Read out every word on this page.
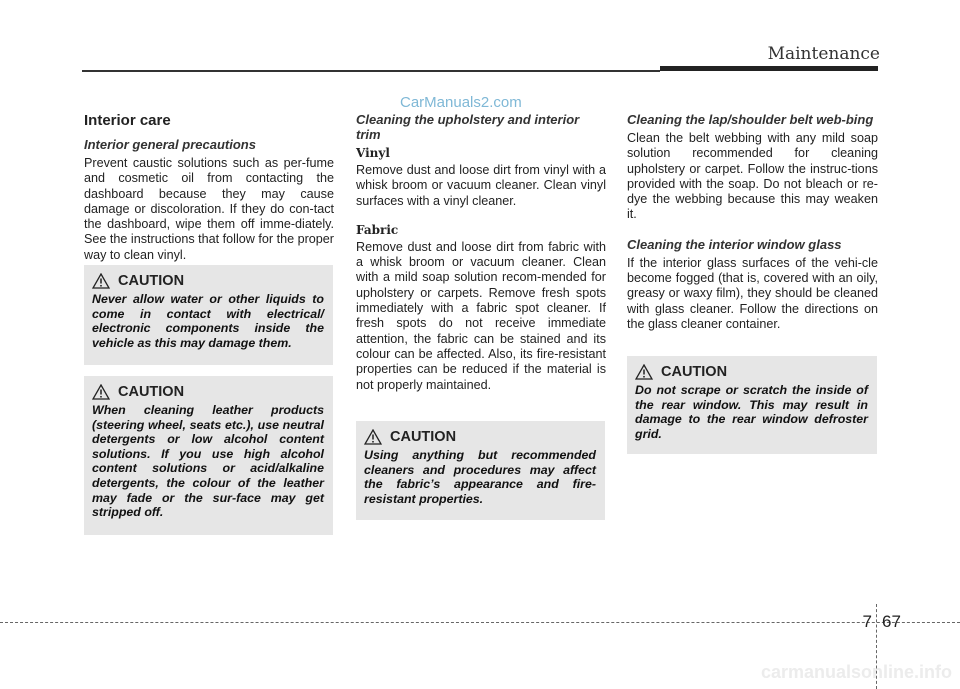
Maintenance
CarManuals2.com
Interior care
Interior general precautions

Prevent caustic solutions such as per-fume and cosmetic oil from contacting the dashboard because they may cause damage or discoloration. If they do con-tact the dashboard, wipe them off imme-diately. See the instructions that follow for the proper way to clean vinyl.

CAUTION
Never allow water or other liquids to come in contact with electrical/ electronic components inside the vehicle as this may damage them.
CAUTION
When cleaning leather products (steering wheel, seats etc.), use neutral detergents or low alcohol content solutions. If you use high alcohol content solutions or acid/alkaline detergents, the colour of the leather may fade or the sur-face may get stripped off.
Cleaning the upholstery and interior trim
Vinyl

Remove dust and loose dirt from vinyl with a whisk broom or vacuum cleaner. Clean vinyl surfaces with a vinyl cleaner.

Fabric

Remove dust and loose dirt from fabric with a whisk broom or vacuum cleaner. Clean with a mild soap solution recom-mended for upholstery or carpets. Remove fresh spots immediately with a fabric spot cleaner. If fresh spots do not receive immediate attention, the fabric can be stained and its colour can be affected. Also, its fire-resistant properties can be reduced if the material is not properly maintained.

CAUTION
Using anything but recommended cleaners and procedures may affect the fabric’s appearance and fire-resistant properties.
Cleaning the lap/shoulder belt web-bing

Clean the belt webbing with any mild soap solution recommended for cleaning upholstery or carpet. Follow the instruc-tions provided with the soap. Do not bleach or re-dye the webbing because this may weaken it.

Cleaning the interior window glass

If the interior glass surfaces of the vehi-cle become fogged (that is, covered with an oily, greasy or waxy film), they should be cleaned with glass cleaner. Follow the directions on the glass cleaner container.

CAUTION
Do not scrape or scratch the inside of the rear window. This may result in damage to the rear window defroster grid.
7 67
carmanualsonline.info
